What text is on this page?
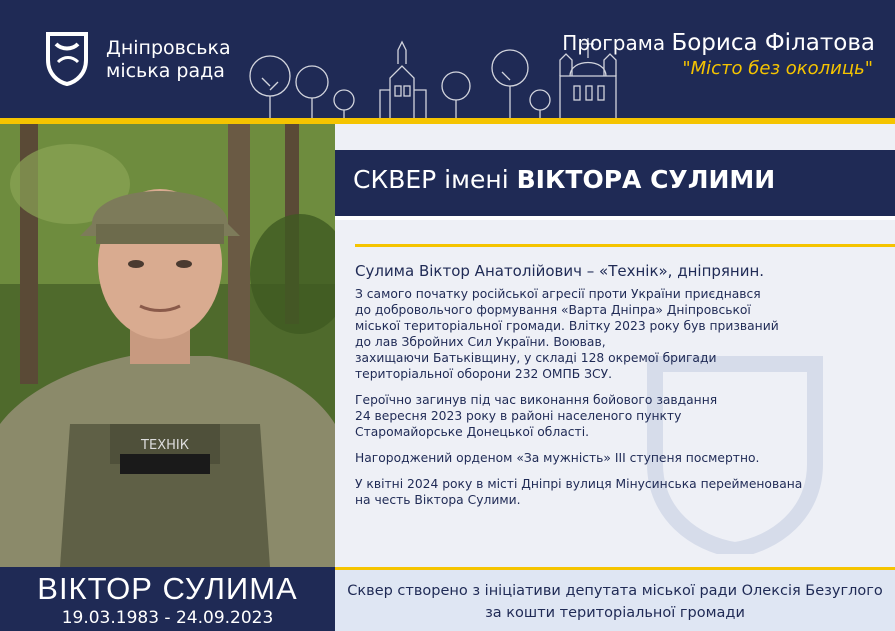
Дніпровська
міська рада
Програма Бориса Філатова
"Місто без околиць"
ТЕХНІК
ВІКТОР СУЛИМА
19.03.1983 - 24.09.2023
СКВЕР імені ВІКТОРА СУЛИМИ
Сулима Віктор Анатолійович – «Технік», дніпрянин.

З самого початку російської агресії проти України приєднався
до добровольчого формування «Варта Дніпра» Дніпровської
міської територіальної громади. Влітку 2023 року був призваний
до лав Збройних Сил України. Воював,
захищаючи Батьківщину, у складі 128 окремої бригади
територіальної оборони 232 ОМПБ ЗСУ.

Героїчно загинув під час виконання бойового завдання
24 вересня 2023 року в районі населеного пункту
Старомайорське Донецької області.

Нагороджений орденом «За мужність» ІІІ ступеня посмертно.

У квітні 2024 року в місті Дніпрі вулиця Мінусинська перейменована
на честь Віктора Сулими.

Сквер створено з ініціативи депутата міської ради Олексія Безуглого
за кошти територіальної громади
